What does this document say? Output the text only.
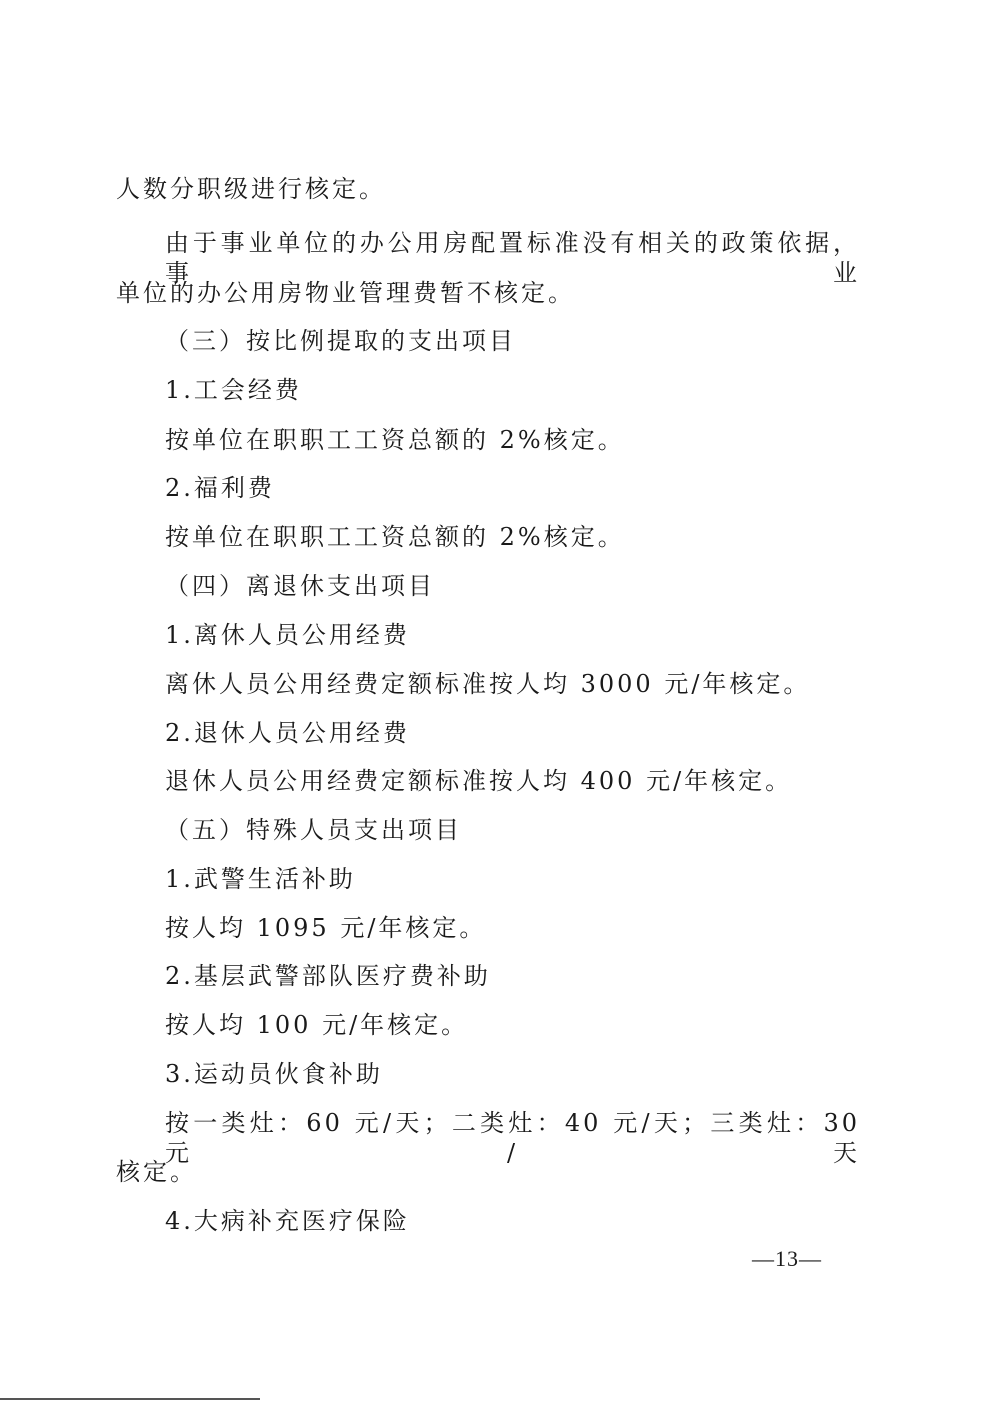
人数分职级进行核定。
由于事业单位的办公用房配置标准没有相关的政策依据，事业
单位的办公用房物业管理费暂不核定。
（三）按比例提取的支出项目
1.工会经费
按单位在职职工工资总额的 2%核定。
2.福利费
按单位在职职工工资总额的 2%核定。
（四）离退休支出项目
1.离休人员公用经费
离休人员公用经费定额标准按人均 3000 元/年核定。
2.退休人员公用经费
退休人员公用经费定额标准按人均 400 元/年核定。
（五）特殊人员支出项目
1.武警生活补助
按人均 1095 元/年核定。
2.基层武警部队医疗费补助
按人均 100 元/年核定。
3.运动员伙食补助
按一类灶：60 元/天；二类灶：40 元/天；三类灶：30 元/天
核定。
4.大病补充医疗保险
—13—
